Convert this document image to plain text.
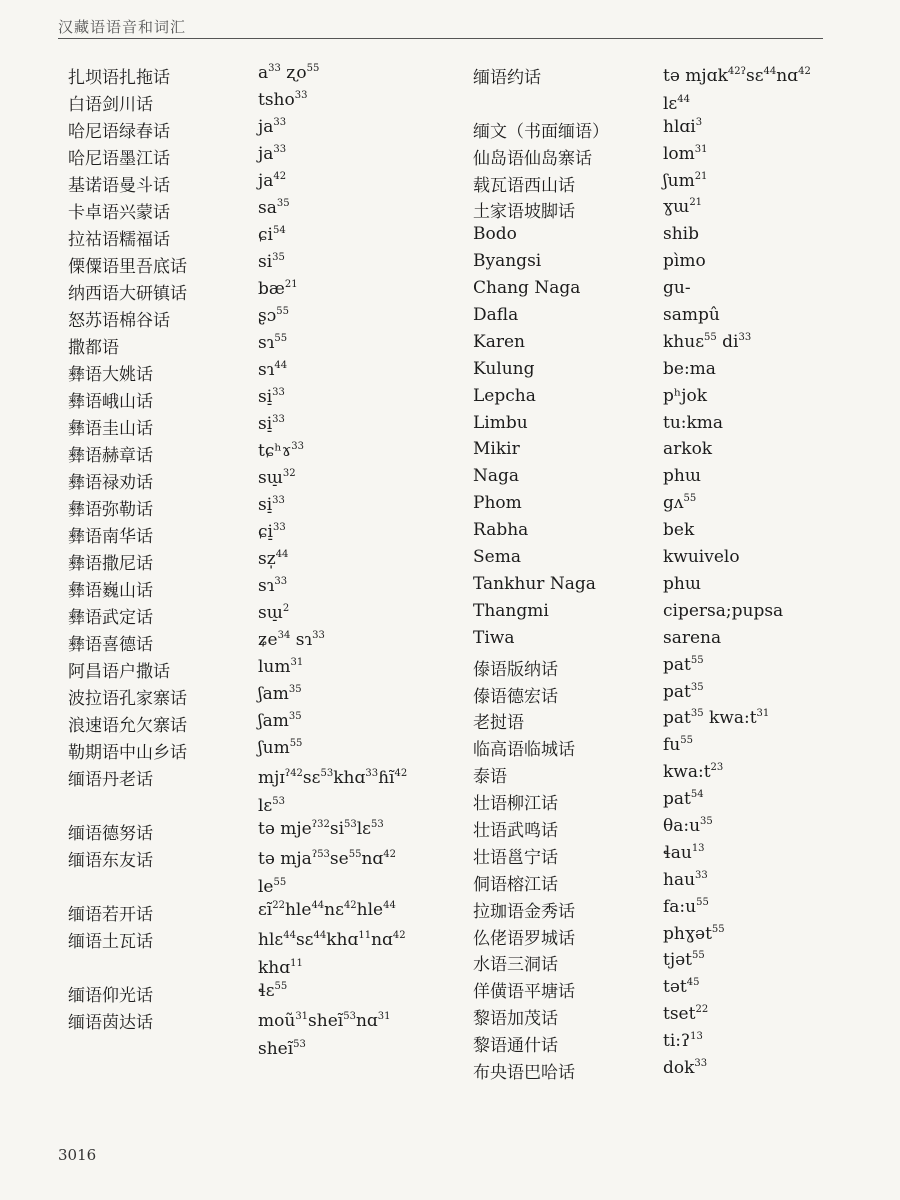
汉藏语语音和词汇
扎坝语扎拖话	$a^{33}$ ʐo$^{55}$
白语剑川话	tsho$^{33}$
哈尼语绿春话	$ja^{33}$
哈尼语墨江话	$ja^{33}$
基诺语曼斗话	$ja^{42}$
卡卓语兴蒙话	$sa^{35}$
拉祜语糯福话	ɕi$^{54}$
傈僳语里吾底话	$si^{35}$
纳西语大研镇话	$bæ^{21}$
怒苏语棉谷话	ʂɔ$^{55}$
撒都语	sɿ$^{55}$
彝语大姚话	sɿ$^{44}$
彝语峨山话	si̠$^{33}$
彝语圭山话	si̠$^{33}$
彝语赫章话	tɕʰɤ$^{33}$
彝语禄劝话	sɯ̠$^{32}$
彝语弥勒话	si̠$^{33}$
彝语南华话	ɕi̠$^{33}$
彝语撒尼话	sz̩$^{44}$
彝语巍山话	sɿ$^{33}$
彝语武定话	sɯ̠$^2$
彝语喜德话	ʑe$^{34}$ sɿ$^{33}$
阿昌语户撒话	lum$^{31}$
波拉语孔家寨话	ʃam$^{35}$
浪速语允欠寨话	ʃam$^{35}$
勒期语中山乡话	ʃum$^{55}$
缅语丹老话	mjɪ$^{ʔ42}$sɛ$^{53}$khɑ$^{33}$ɦĩ$^{42}$
lɛ$^{53}$
缅语德努话	tə $mje^{ʔ32}si^{53}lɛ^{53}$
缅语东友话	tə $mja^{ʔ53}se^{55}nɑ^{42}$
$le^{55}$
缅语若开话	ɛĩ$^{22}$hle$^{44}$nɛ$^{42}$hle$^{44}$
缅语土瓦话	hlɛ$^{44}$sɛ$^{44}$khɑ$^{11}$nɑ$^{42}$
khɑ$^{11}$
缅语仰光话	ɬɛ$^{55}$
缅语茵达话	moũ$^{31}$sheĩ$^{53}$nɑ$^{31}$
sheĩ$^{53}$
缅语约话	tə mjɑk$^{42ʔ}$sɛ$^{44}$nɑ$^{42}$
lɛ$^{44}$
缅文（书面缅语）	hlɑi$^3$
仙岛语仙岛寨话	lom$^{31}$
载瓦语西山话	ʃum$^{21}$
土家语坡脚话	ɣɯ$^{21}$
Bodo	shib
Byangsi	pìmo
Chang Naga	gu-
Dafla	sampû
Karen	khuɛ$^{55}$ $di^{33}$
Kulung	be:ma
Lepcha	pʰjok
Limbu	tu:kma
Mikir	arkok
Naga	phɯ
Phom	gʌ$^{55}$
Rabha	bek
Sema	kwuivelo
Tankhur Naga	phɯ
Thangmi	cipersa;pupsa
Tiwa	sarena
傣语版纳话	pat$^{55}$
傣语德宏话	pat$^{35}$
老挝语	pat$^{35}$ $kwa:t^{31}$
临高语临城话	$fu^{55}$
泰语	$kwa:t^{23}$
壮语柳江话	pat$^{54}$
壮语武鸣话	$\theta a:u^{35}$
壮语邕宁话	ɬau$^{13}$
侗语榕江话	hau$^{33}$
拉珈语金秀话	$fa:u^{55}$
仫佬语罗城话	phɣət$^{55}$
水语三洞话	tjət$^{55}$
佯僙语平塘话	tət$^{45}$
黎语加茂话	tset$^{22}$
黎语通什话	ti:ʔ$^{13}$
布央语巴哈话	dok$^{33}$
3016
